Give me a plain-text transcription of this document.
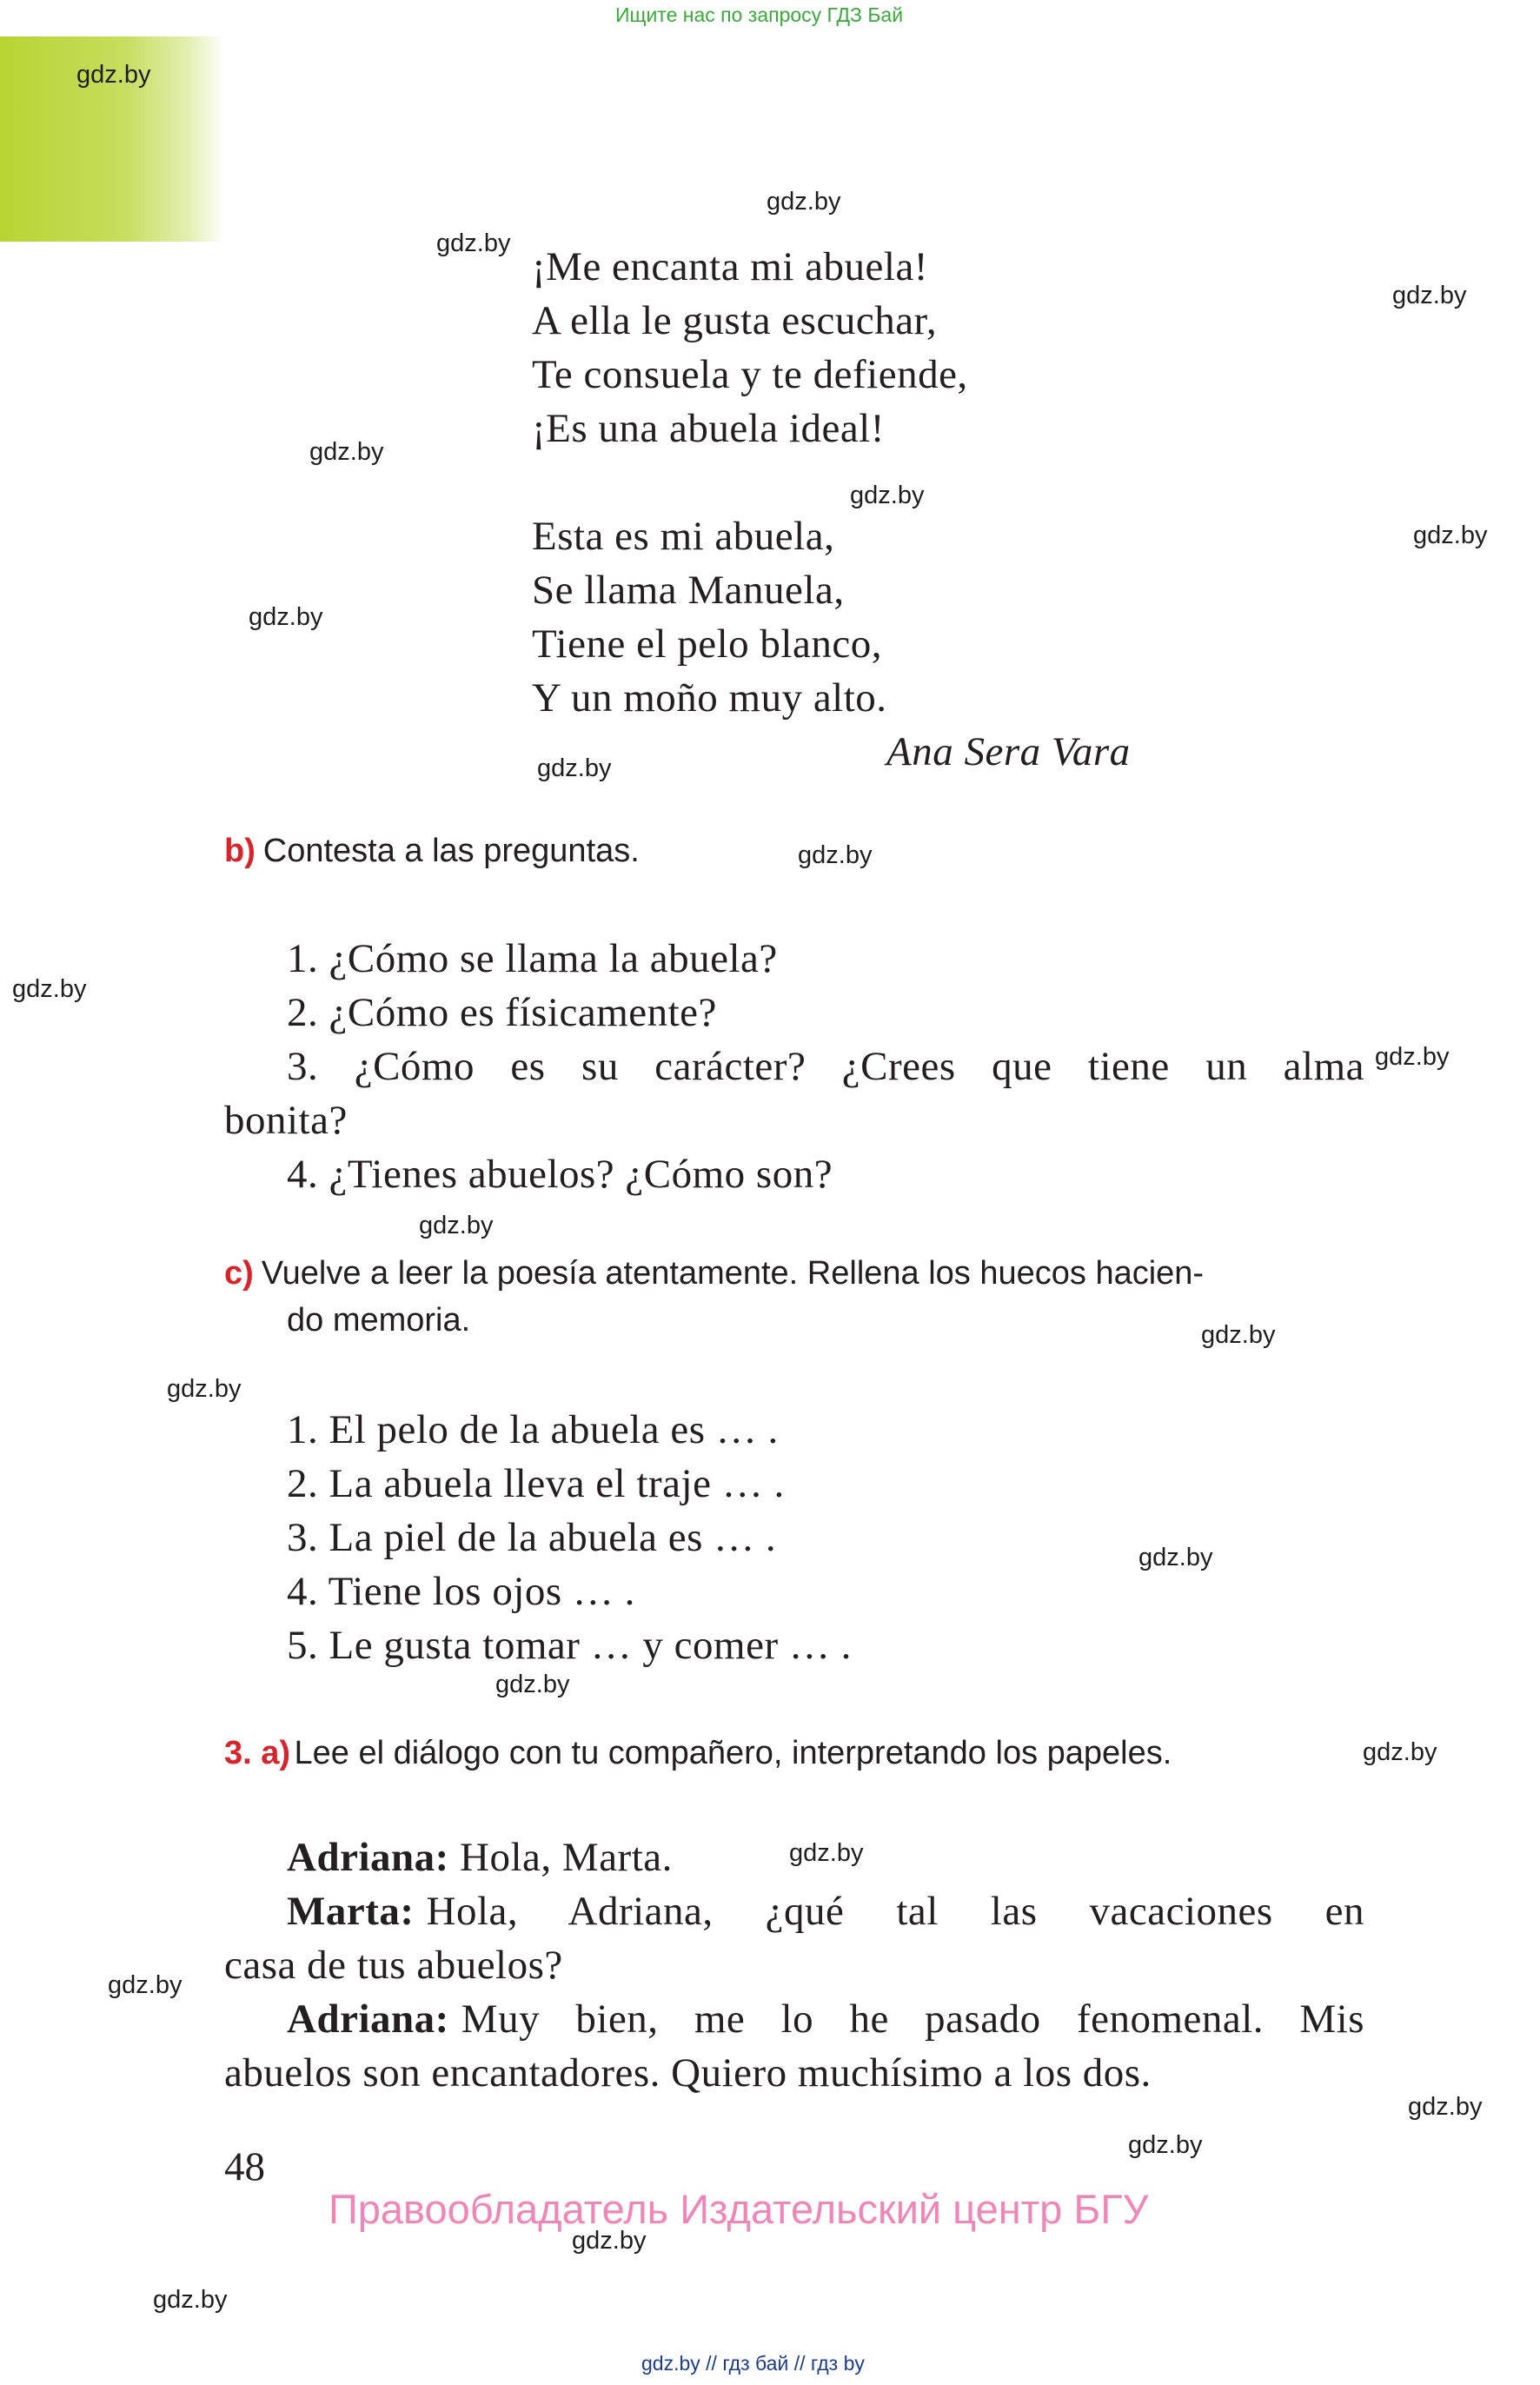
Ищите нас по запросу ГДЗ Бай
gdz.by
¡Me encanta mi abuela!
A ella le gusta escuchar,
Te consuela y te defiende,
¡Es una abuela ideal!
Esta es mi abuela,
Se llama Manuela,
Tiene el pelo blanco,
Y un moño muy alto.
Ana Sera Vara
b) Contesta a las preguntas.
1. ¿Cómo se llama la abuela?
2. ¿Cómo es físicamente?
3. ¿Cómo es su carácter? ¿Crees que tiene un alma
bonita?
4. ¿Tienes abuelos? ¿Cómo son?
c) Vuelve a leer la poesía atentamente. Rellena los huecos hacien-
do memoria.
1. El pelo de la abuela es … .
2. La abuela lleva el traje … .
3. La piel de la abuela es … .
4. Tiene los ojos … .
5. Le gusta tomar … y comer … .
3. a) Lee el diálogo con tu compañero, interpretando los papeles.
Adriana: Hola, Marta.
Marta: Hola, Adriana, ¿qué tal las vacaciones en
casa de tus abuelos?
Adriana: Muy bien, me lo he pasado fenomenal. Mis
abuelos son encantadores. Quiero muchísimo a los dos.
48
Правообладатель Издательский центр БГУ
gdz.by // гдз бай // гдз by
gdz.by
gdz.by
gdz.by
gdz.by
gdz.by
gdz.by
gdz.by
gdz.by
gdz.by
gdz.by
gdz.by
gdz.by
gdz.by
gdz.by
gdz.by
gdz.by
gdz.by
gdz.by
gdz.by
gdz.by
gdz.by
gdz.by
gdz.by
